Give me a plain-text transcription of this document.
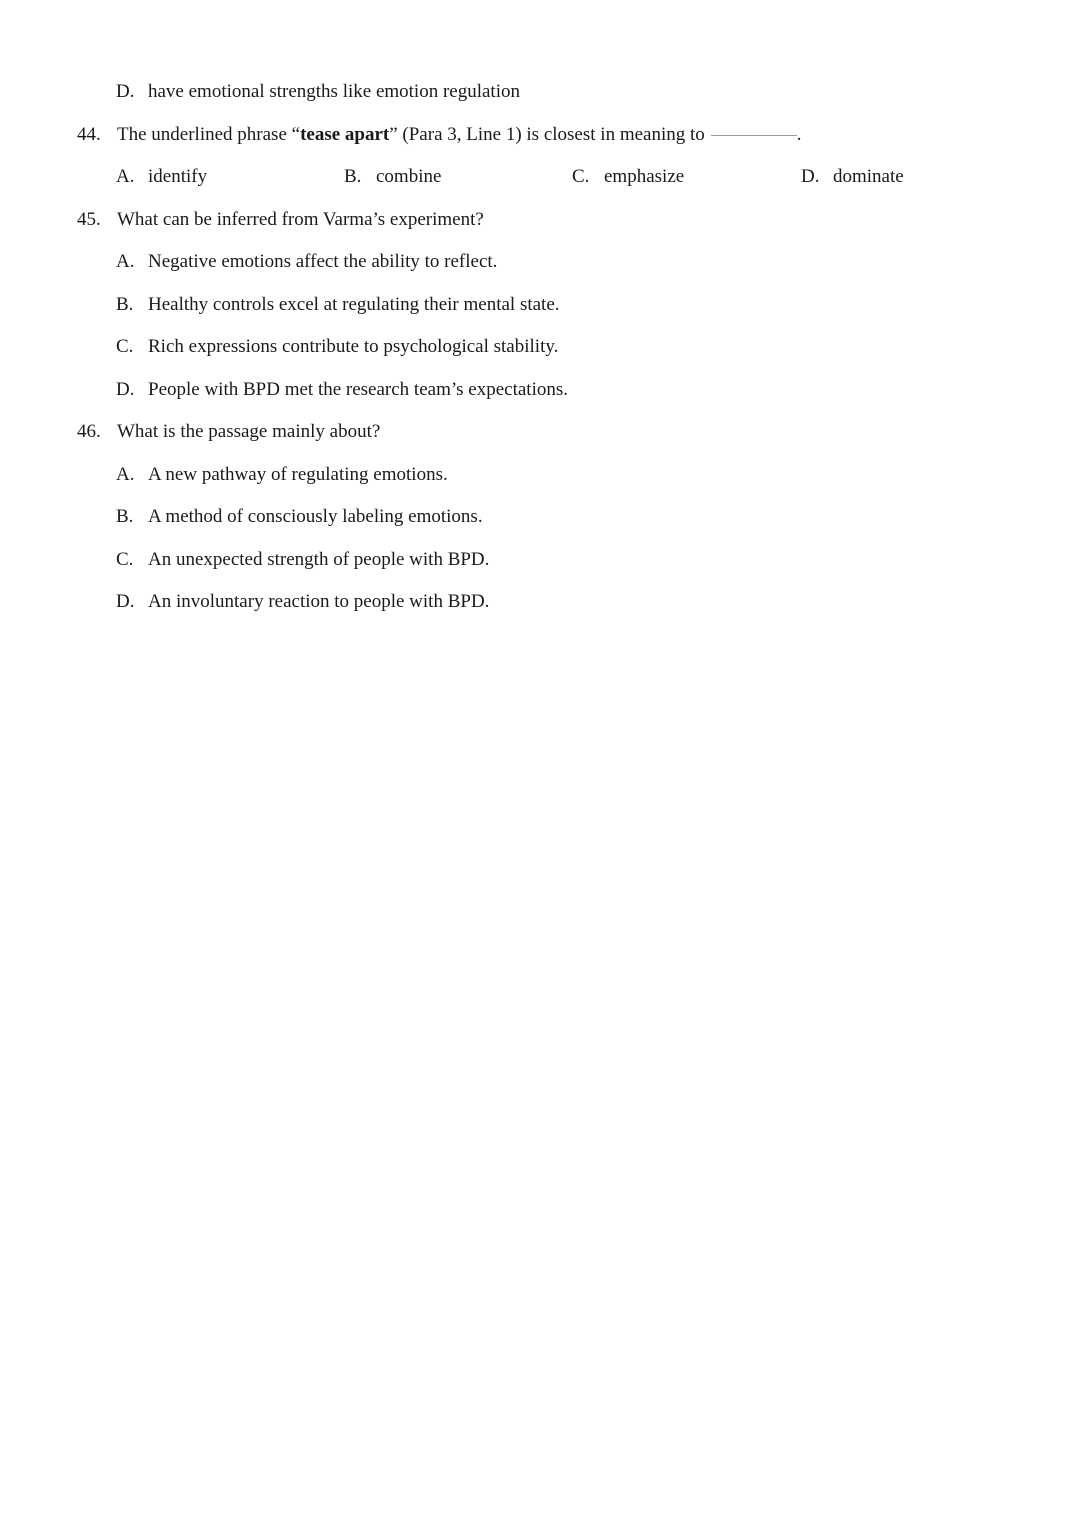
D. have emotional strengths like emotion regulation
44. The underlined phrase “tease apart” (Para 3, Line 1) is closest in meaning to	.
A. identify	B. combine	C. emphasize	D. dominate
45. What can be inferred from Varma’s experiment?
A. Negative emotions affect the ability to reflect.
B. Healthy controls excel at regulating their mental state.
C. Rich expressions contribute to psychological stability.
D. People with BPD met the research team’s expectations.
46. What is the passage mainly about?
A. A new pathway of regulating emotions.
B. A method of consciously labeling emotions.
C. An unexpected strength of people with BPD.
D. An involuntary reaction to people with BPD.
